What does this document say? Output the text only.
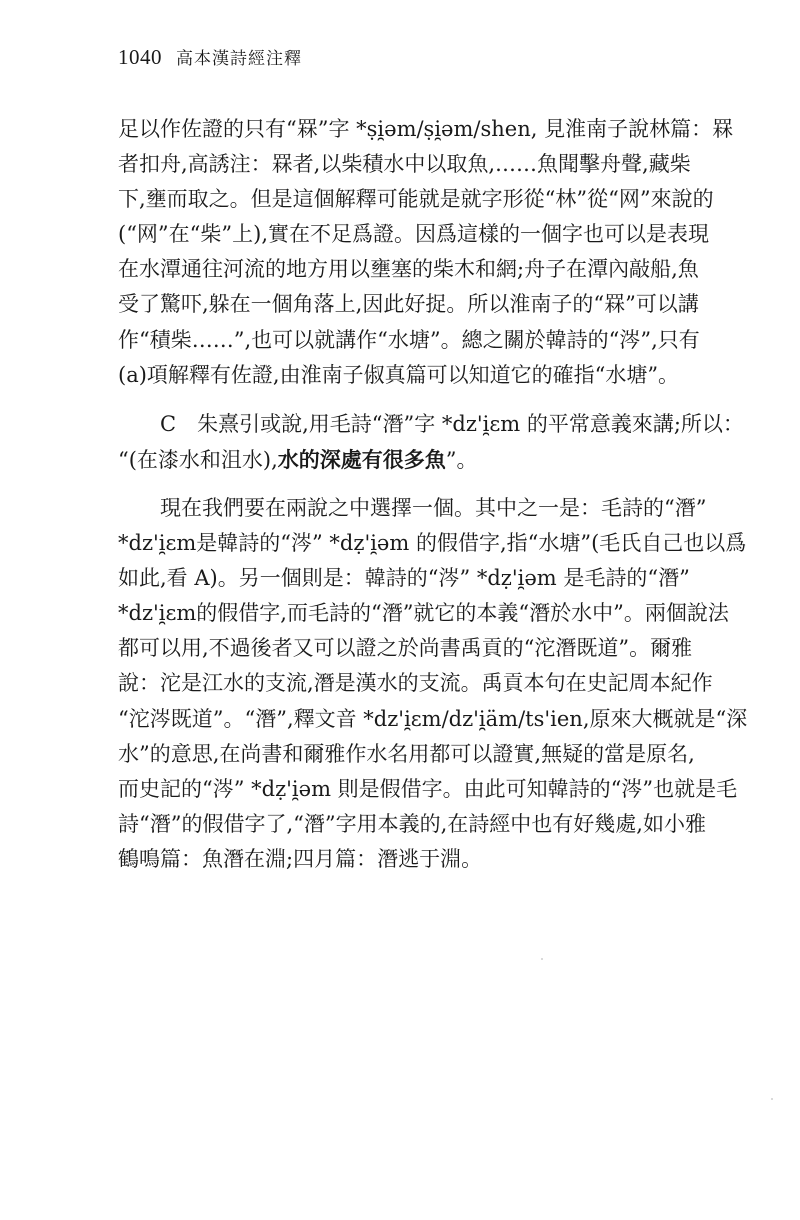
1040 高本漢詩經注釋
足以作佐證的只有“罧”字 *ṣi̯əm/ṣi̯əm/shen, 見淮南子說林篇：罧
者扣舟,高誘注：罧者,以柴積水中以取魚,……魚聞擊舟聲,藏柴
下,壅而取之。但是這個解釋可能就是就字形從“林”從“网”來說的
(“网”在“柴”上),實在不足爲證。因爲這樣的一個字也可以是表現
在水潭通往河流的地方用以壅塞的柴木和網;舟子在潭內敲船,魚
受了驚吓,躲在一個角落上,因此好捉。所以淮南子的“罧”可以講
作“積柴……”,也可以就講作“水塘”。總之關於韓詩的“涔”,只有
(a)項解釋有佐證,由淮南子俶真篇可以知道它的確指“水塘”。
C　朱熹引或說,用毛詩“潛”字 *dz'i̯ɛm 的平常意義來講;所以：
“(在漆水和沮水),水的深處有很多魚”。
現在我們要在兩說之中選擇一個。其中之一是：毛詩的“潛”
*dz'i̯ɛm是韓詩的“涔” *dẓ'i̯əm 的假借字,指“水塘”(毛氏自己也以爲
如此,看 A)。另一個則是：韓詩的“涔” *dẓ'i̯əm 是毛詩的“潛”
*dz'i̯ɛm的假借字,而毛詩的“潛”就它的本義“潛於水中”。兩個說法
都可以用,不過後者又可以證之於尚書禹貢的“沱潛既道”。爾雅
說：沱是江水的支流,潛是漢水的支流。禹貢本句在史記周本紀作
“沱涔既道”。“潛”,釋文音 *dz'i̯ɛm/dz'i̯äm/ts'ien,原來大概就是“深
水”的意思,在尚書和爾雅作水名用都可以證實,無疑的當是原名,
而史記的“涔” *dẓ'i̯əm 則是假借字。由此可知韓詩的“涔”也就是毛
詩“潛”的假借字了,“潛”字用本義的,在詩經中也有好幾處,如小雅
鶴鳴篇：魚潛在淵;四月篇：潛逃于淵。
